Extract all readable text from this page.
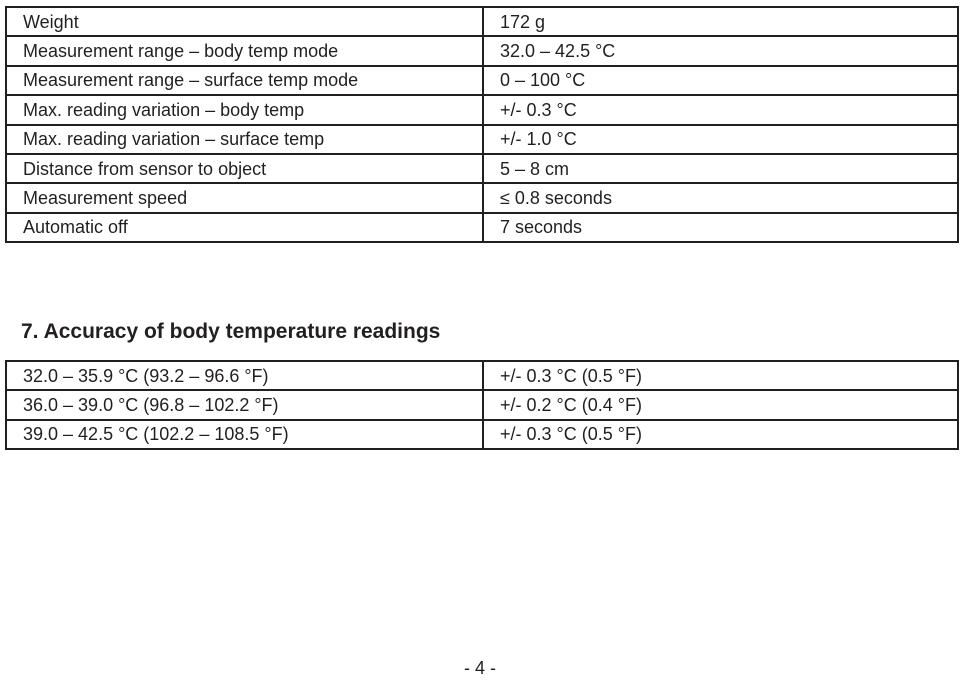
Weight	172 g
Measurement range – body temp mode	32.0 – 42.5 °C
Measurement range – surface temp mode	0 – 100 °C
Max. reading variation – body temp	+/- 0.3 °C
Max. reading variation – surface temp	+/- 1.0 °C
Distance from sensor to object	5 – 8 cm
Measurement speed	≤ 0.8 seconds
Automatic off	7 seconds
7. Accuracy of body temperature readings
32.0 – 35.9 °C (93.2 – 96.6 °F)	+/- 0.3 °C (0.5 °F)
36.0 – 39.0 °C (96.8 – 102.2 °F)	+/- 0.2 °C (0.4 °F)
39.0 – 42.5 °C (102.2 – 108.5 °F)	+/- 0.3 °C (0.5 °F)
- 4 -
